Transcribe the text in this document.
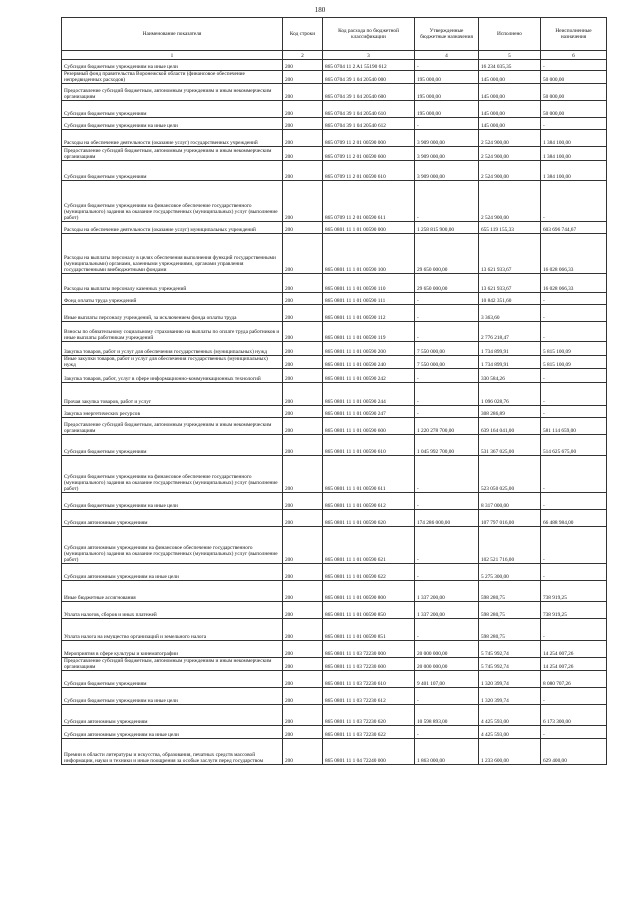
180
Наименование показателя	Код строки	Код расхода по бюджетной классификации	Утвержденные бюджетные назначения	Исполнено	Неисполненные назначения
1	2	3	4	5	6
Субсидии бюджетным учреждениям на иные цели	200	865 0704 11 2 A1 55190 612	-	16 234 035,35	-
Резервный фонд правительства Воронежской области (финансовое обеспечение непредвиденных расходов)	200	865 0704 39 1 04 20540 000	195 000,00	145 000,00	50 000,00
Предоставление субсидий бюджетным, автономным учреждениям и иным некоммерческим организациям	200	865 0704 39 1 04 20540 600	195 000,00	145 000,00	50 000,00
Субсидии бюджетным учреждениям	200	865 0704 39 1 04 20540 610	195 000,00	145 000,00	50 000,00
Субсидии бюджетным учреждениям на иные цели	200	865 0704 39 1 04 20540 612	-	145 000,00	-
Расходы на обеспечение деятельности (оказание услуг) государственных учреждений	200	865 0709 11 2 01 00590 000	3 909 000,00	2 524 900,00	1 384 100,00
Предоставление субсидий бюджетным, автономным учреждениям и иным некоммерческим организациям	200	865 0709 11 2 01 00590 600	3 909 000,00	2 524 900,00	1 384 100,00
Субсидии бюджетным учреждениям	200	865 0709 11 2 01 00590 610	3 909 000,00	2 524 900,00	1 384 100,00
Субсидии бюджетным учреждениям на финансовое обеспечение государственного (муниципального) задания на оказание государственных (муниципальных) услуг (выполнение работ)	200	865 0709 11 2 01 00590 611	-	2 524 900,00	-
Расходы на обеспечение деятельности (оказание услуг) муниципальных учреждений	200	865 0801 11 1 01 00590 000	1 258 815 900,00	655 119 155,33	603 696 744,67
Расходы на выплаты персоналу в целях обеспечения выполнения функций государственными (муниципальными) органами, казенными учреждениями, органами управления государственными внебюджетными фондами	200	865 0801 11 1 01 00590 100	29 650 000,00	13 621 933,67	16 028 066,33
Расходы на выплаты персоналу казенных учреждений	200	865 0801 11 1 01 00590 110	29 650 000,00	13 621 933,67	16 028 066,33
Фонд оплаты труда учреждений	200	865 0801 11 1 01 00590 111	-	10 842 351,60	-
Иные выплаты персоналу учреждений, за исключением фонда оплаты труда	200	865 0801 11 1 01 00590 112	-	3 363,60	-
Взносы по обязательному социальному страхованию на выплаты по оплате труда работников и иные выплаты работникам учреждений	200	865 0801 11 1 01 00590 119	-	2 776 218,47	-
Закупка товаров, работ и услуг для обеспечения государственных (муниципальных) нужд	200	865 0801 11 1 01 00590 200	7 550 000,00	1 734 899,91	5 815 100,09
Иные закупки товаров, работ и услуг для обеспечения государственных (муниципальных) нужд	200	865 0801 11 1 01 00590 240	7 550 000,00	1 734 899,91	5 815 100,09
Закупка товаров, работ, услуг в сфере информационно-коммуникационных технологий	200	865 0801 11 1 01 00590 242	-	330 584,26	-
Прочая закупка товаров, работ и услуг	200	865 0801 11 1 01 00590 244	-	1 096 028,76	-
Закупка энергетических ресурсов	200	865 0801 11 1 01 00590 247	-	308 286,89	-
Предоставление субсидий бюджетным, автономным учреждениям и иным некоммерческим организациям	200	865 0801 11 1 01 00590 600	1 220 278 700,00	639 164 041,00	581 114 659,00
Субсидии бюджетным учреждениям	200	865 0801 11 1 01 00590 610	1 045 992 700,00	531 367 025,00	514 625 675,00
Субсидии бюджетным учреждениям на финансовое обеспечение государственного (муниципального) задания на оказание государственных (муниципальных) услуг (выполнение работ)	200	865 0801 11 1 01 00590 611	-	523 050 025,00	-
Субсидии бюджетным учреждениям на иные цели	200	865 0801 11 1 01 00590 612	-	8 317 000,00	-
Субсидии автономным учреждениям	200	865 0801 11 1 01 00590 620	174 286 000,00	107 797 016,00	66 488 984,00
Субсидии автономным учреждениям на финансовое обеспечение государственного (муниципального) задания на оказание государственных (муниципальных) услуг (выполнение работ)	200	865 0801 11 1 01 00590 621	-	102 521 716,00	-
Субсидии автономным учреждениям на иные цели	200	865 0801 11 1 01 00590 622	-	5 275 300,00	-
Иные бюджетные ассигнования	200	865 0801 11 1 01 00590 800	1 337 200,00	598 280,75	738 919,25
Уплата налогов, сборов и иных платежей	200	865 0801 11 1 01 00590 850	1 337 200,00	598 280,75	738 919,25
Уплата налога на имущество организаций и земельного налога	200	865 0801 11 1 01 00590 851	-	598 280,75	-
Мероприятия в сфере культуры и кинематографии	200	865 0801 11 1 03 72230 000	20 000 000,00	5 745 992,74	14 254 007,26
Предоставление субсидий бюджетным, автономным учреждениям и иным некоммерческим организациям	200	865 0801 11 1 03 72230 600	20 000 000,00	5 745 992,74	14 254 007,26
Субсидии бюджетным учреждениям	200	865 0801 11 1 03 72230 610	9 401 107,00	1 320 399,74	8 080 707,26
Субсидии бюджетным учреждениям на иные цели	200	865 0801 11 1 03 72230 612	-	1 320 399,74	-
Субсидии автономным учреждениям	200	865 0801 11 1 03 72230 620	10 598 893,00	4 425 593,00	6 173 300,00
Субсидии автономным учреждениям на иные цели	200	865 0801 11 1 03 72230 622	-	4 425 593,00	-
Премии в области литературы и искусства, образования, печатных средств массовой информации, науки и техники и иные поощрения за особые заслуги перед государством	200	865 0801 11 1 04 72240 000	1 863 000,00	1 233 600,00	629 400,00
